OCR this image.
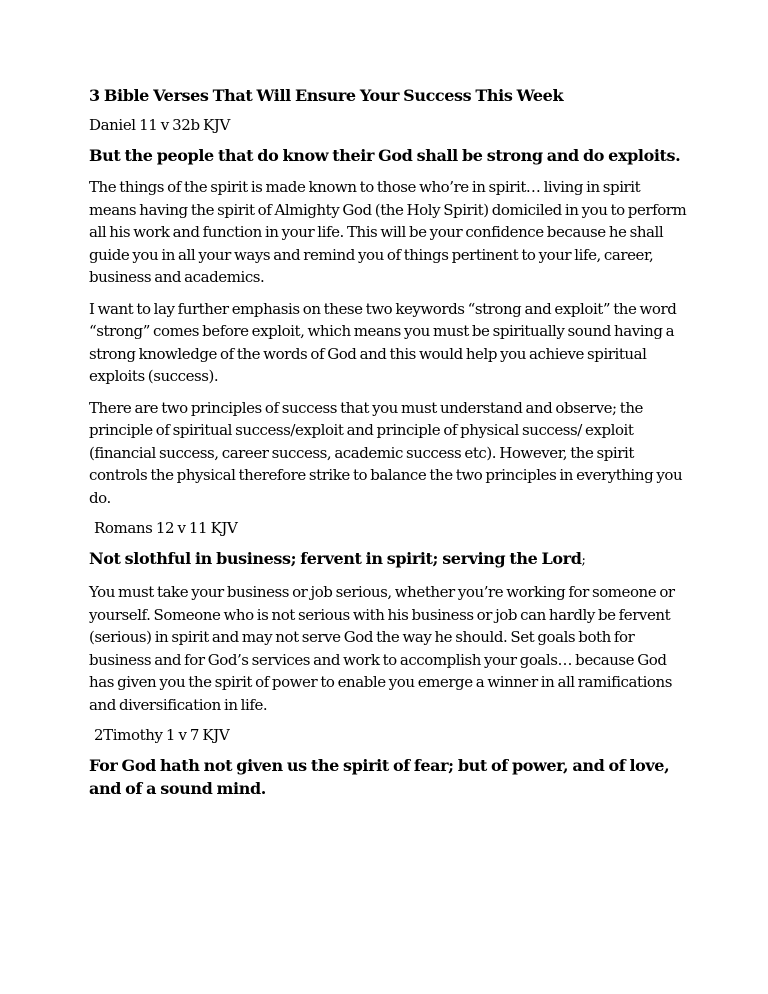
3 Bible Verses That Will Ensure Your Success This Week
Daniel 11 v 32b KJV
But the people that do know their God shall be strong and do exploits.
The things of the spirit is made known to those who’re in spirit… living in spirit means having the spirit of Almighty God (the Holy Spirit) domiciled in you to perform all his work and function in your life. This will be your confidence because he shall guide you in all your ways and remind you of things pertinent to your life, career, business and academics.
I want to lay further emphasis on these two keywords “strong and exploit” the word “strong” comes before exploit, which means you must be spiritually sound having a strong knowledge of the words of God and this would help you achieve spiritual exploits (success).
There are two principles of success that you must understand and observe; the principle of spiritual success/exploit and principle of physical success/ exploit (financial success, career success, academic success etc). However, the spirit controls the physical therefore strike to balance the two principles in everything you do.
Romans 12 v 11 KJV
Not slothful in business; fervent in spirit; serving the Lord;
You must take your business or job serious, whether you’re working for someone or yourself. Someone who is not serious with his business or job can hardly be fervent (serious) in spirit and may not serve God the way he should. Set goals both for business and for God’s services and work to accomplish your goals… because God has given you the spirit of power to enable you emerge a winner in all ramifications and diversification in life.
2Timothy 1 v 7 KJV
For God hath not given us the spirit of fear; but of power, and of love, and of a sound mind.
